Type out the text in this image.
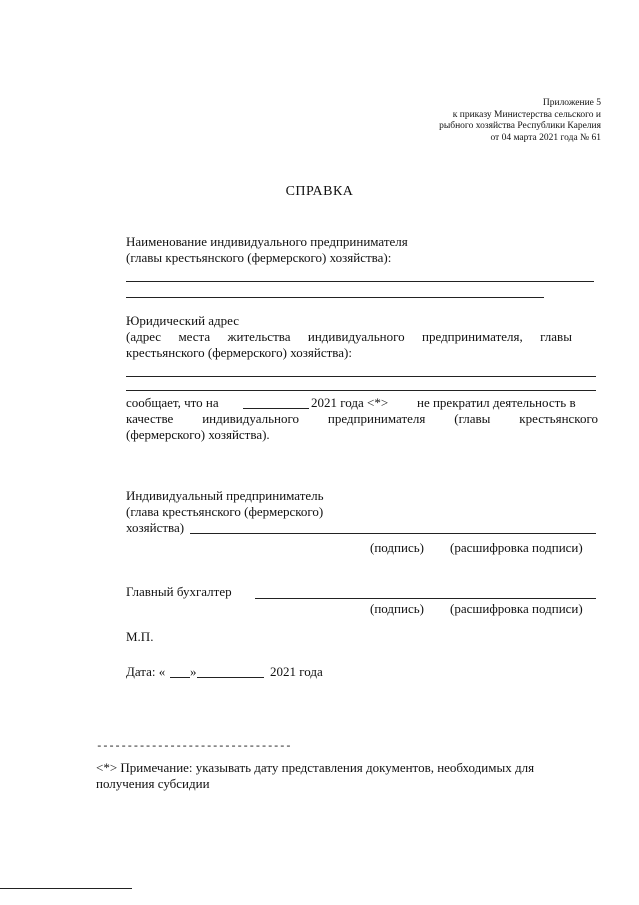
Приложение 5
к приказу Министерства сельского и
рыбного хозяйства Республики Карелия
от 04 марта 2021 года № 61
СПРАВКА
Наименование индивидуального предпринимателя
(главы крестьянского (фермерского) хозяйства):
Юридический адрес
(адрес места жительства индивидуального предпринимателя, главы
крестьянского (фермерского) хозяйства):
сообщает, что на	2021 года <*> не прекратил деятельность в
качестве индивидуального предпринимателя (главы крестьянского
(фермерского) хозяйства).
Индивидуальный предприниматель
(глава крестьянского (фермерского)
хозяйства)
(подпись) (расшифровка подписи)
Главный бухгалтер
(подпись) (расшифровка подписи)
М.П.
Дата: « »	2021 года
--------------------------------
<*> Примечание: указывать дату представления документов, необходимых для
получения субсидии
